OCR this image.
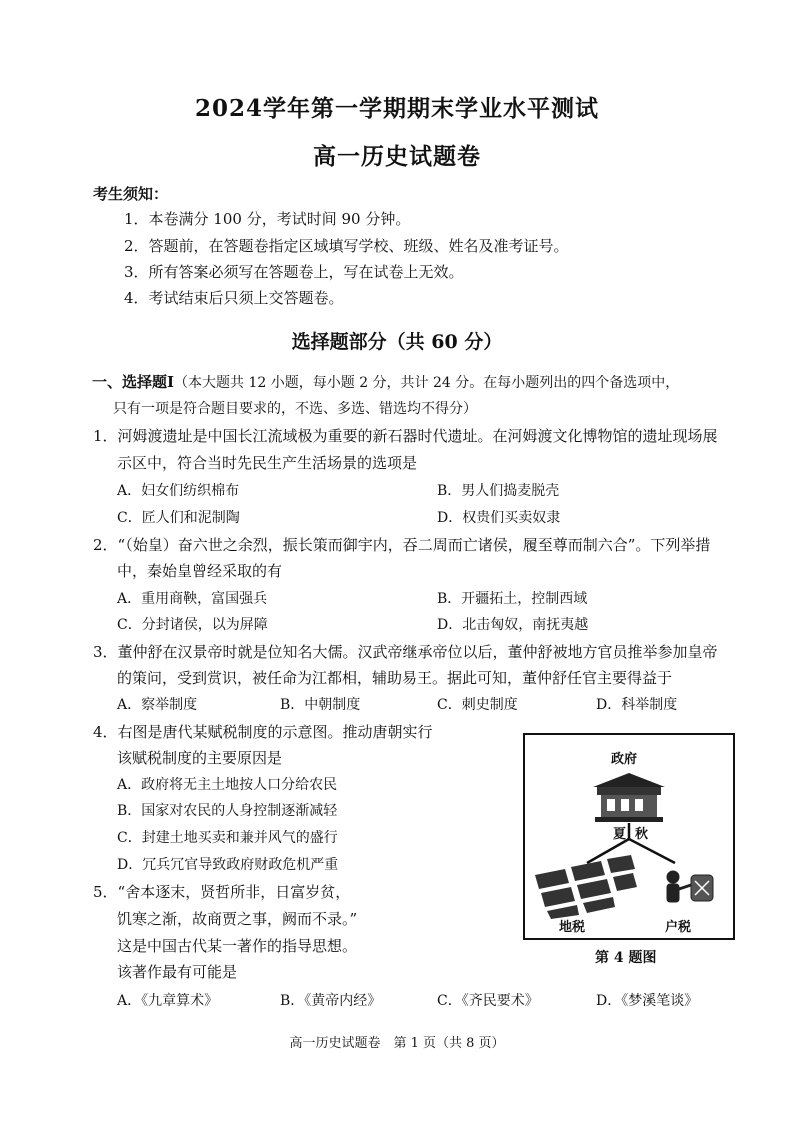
2024学年第一学期期末学业水平测试
高一历史试题卷
考生须知：
1．本卷满分 100 分，考试时间 90 分钟。
2．答题前，在答题卷指定区域填写学校、班级、姓名及准考证号。
3．所有答案必须写在答题卷上，写在试卷上无效。
4．考试结束后只须上交答题卷。
选择题部分（共 60 分）
一、选择题Ⅰ（本大题共 12 小题，每小题 2 分，共计 24 分。在每小题列出的四个备选项中，
只有一项是符合题目要求的，不选、多选、错选均不得分）
1．河姆渡遗址是中国长江流域极为重要的新石器时代遗址。在河姆渡文化博物馆的遗址现场展
示区中，符合当时先民生产生活场景的选项是
A．妇女们纺织棉布	B．男人们捣麦脱壳
C．匠人们和泥制陶	D．权贵们买卖奴隶
2．“（始皇）奋六世之余烈，振长策而御宇内，吞二周而亡诸侯，履至尊而制六合”。下列举措
中，秦始皇曾经采取的有
A．重用商鞅，富国强兵	B．开疆拓土，控制西域
C．分封诸侯，以为屏障	D．北击匈奴，南抚夷越
3．董仲舒在汉景帝时就是位知名大儒。汉武帝继承帝位以后，董仲舒被地方官员推举参加皇帝
的策问，受到赏识，被任命为江都相，辅助易王。据此可知，董仲舒任官主要得益于
A．察举制度	B．中朝制度	C．刺史制度	D．科举制度
4．右图是唐代某赋税制度的示意图。推动唐朝实行
该赋税制度的主要原因是
A．政府将无主土地按人口分给农民
B．国家对农民的人身控制逐渐减轻
C．封建土地买卖和兼并风气的盛行
D．冗兵冗官导致政府财政危机严重
5．“舍本逐末，贤哲所非，日富岁贫，
饥寒之渐，故商贾之事，阙而不录。”
这是中国古代某一著作的指导思想。
该著作最有可能是
A．《九章算术》	B．《黄帝内经》	C．《齐民要术》	D．《梦溪笔谈》
政府
夏 秋
地税	户税
第 4 题图
高一历史试题卷　第 1 页（共 8 页）
